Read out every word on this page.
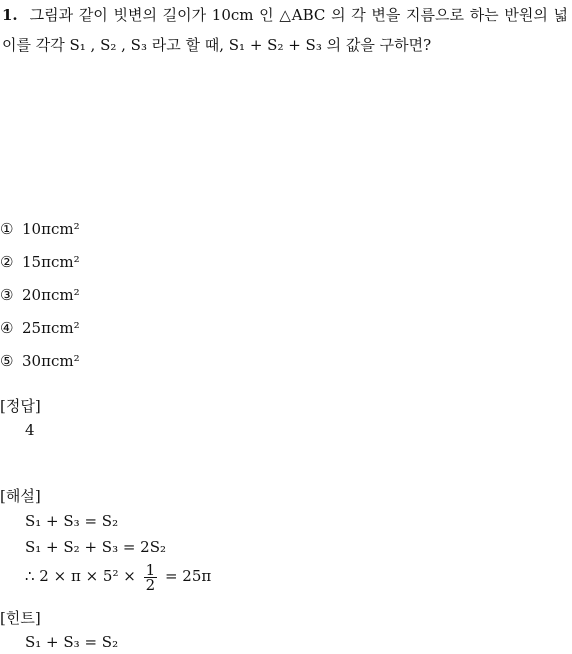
1. 그림과 같이 빗변의 길이가 10cm 인 △ABC 의 각 변을 지름으로 하는 반원의 넓이를 각각 S₁ , S₂ , S₃ 라고 할 때, S₁ + S₂ + S₃ 의 값을 구하면?
① 10πcm²
② 15πcm²
③ 20πcm²
④ 25πcm²
⑤ 30πcm²
[정답]
4
[해설]
S₁ + S₃ = S₂
S₁ + S₂ + S₃ = 2S₂
∴ $2 \times \pi \times 5^2 \times \frac{1}{2} = 25\pi$
[힌트]
S₁ + S₃ = S₂
